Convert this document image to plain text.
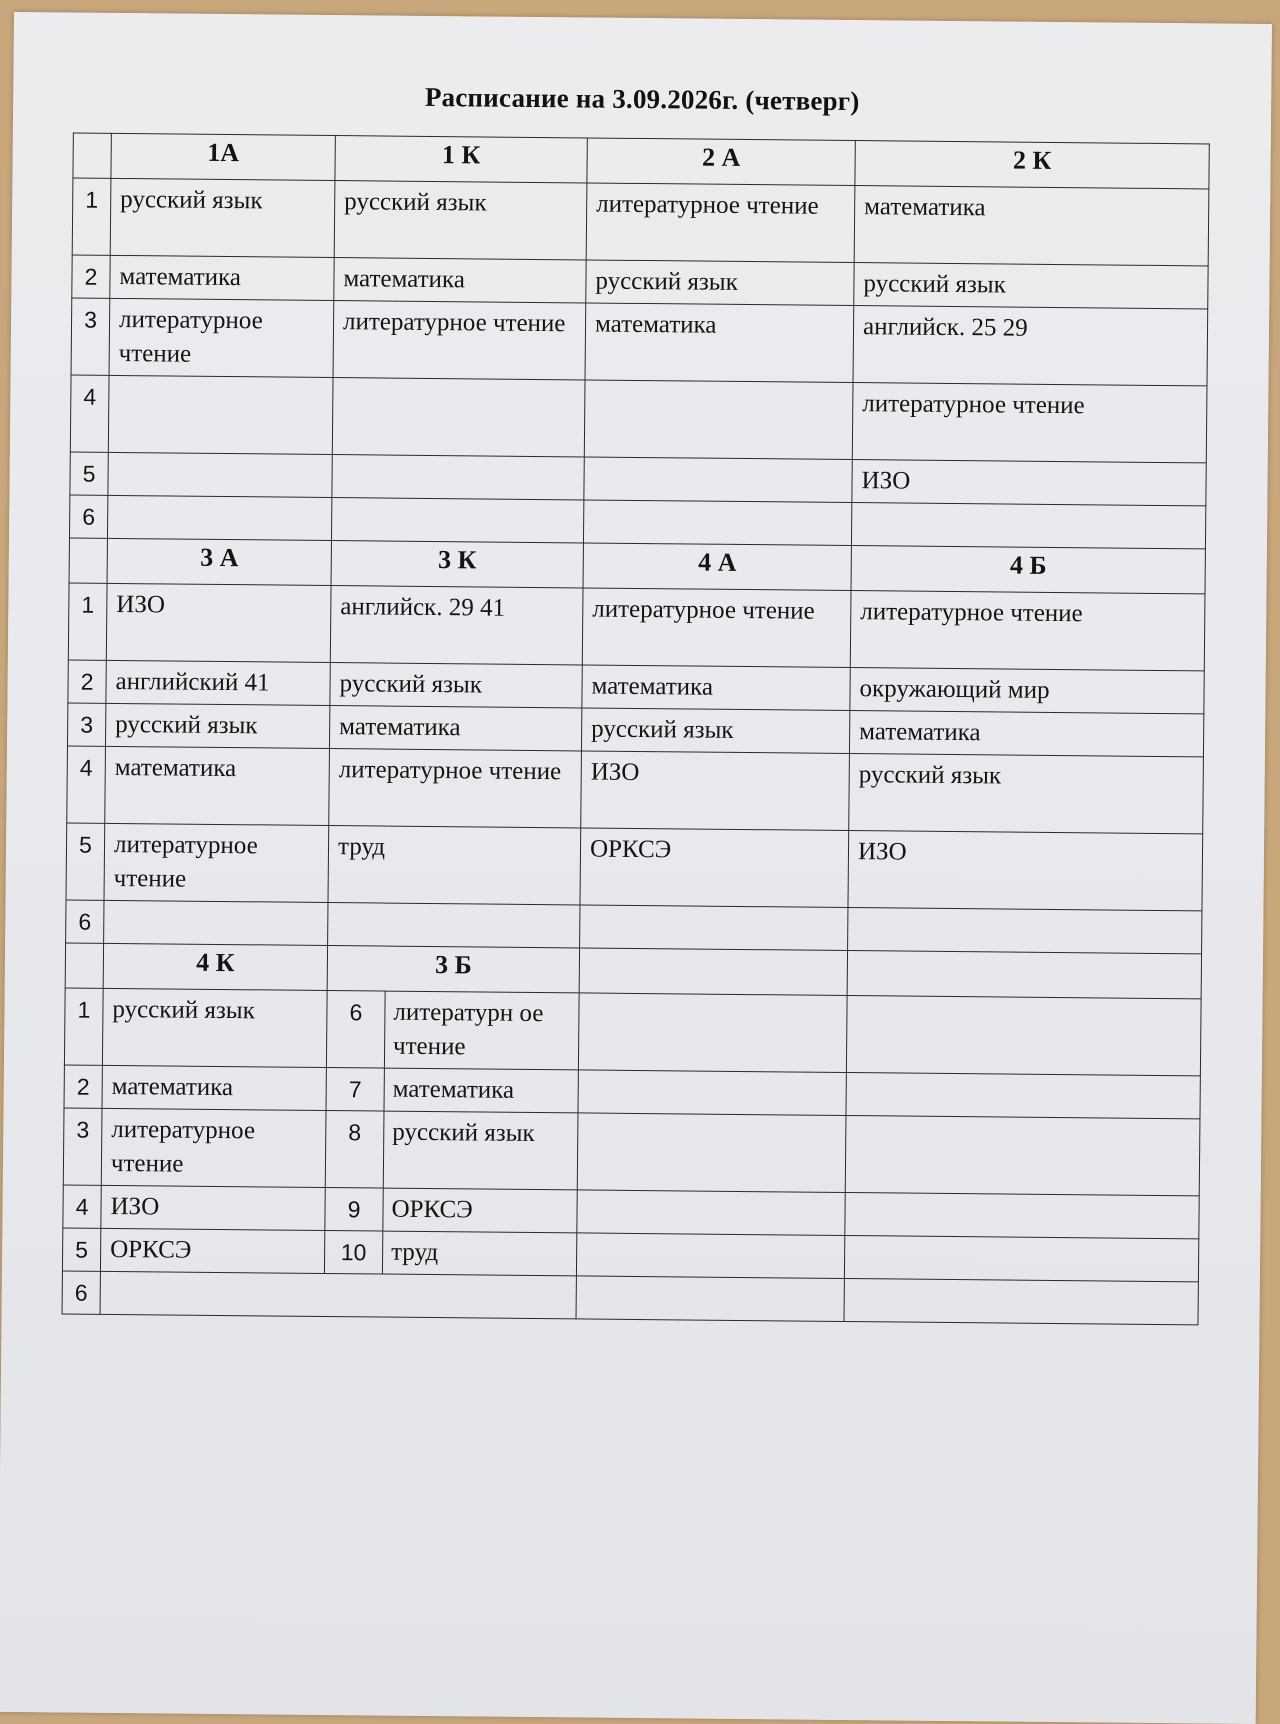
Расписание на 3.09.2026г. (четверг)
	1А	1 К		2 А	2 К
1	русский язык	русский язык		литературное чтение	математика
2	математика	математика		русский язык	русский язык
3	литературное чтение	литературное чтение		математика	английск. 25 29
4					литературное чтение
5					ИЗО
6					
	3 А	3 К		4 А	4 Б
1	ИЗО	английск. 29 41		литературное чтение	литературное чтение
2	английский 41	русский язык		математика	окружающий мир
3	русский язык	математика		русский язык	математика
4	математика	литературное чтение		ИЗО	русский язык
5	литературное чтение	труд		ОРКСЭ	ИЗО
6					
	4 К	3 Б			
1	русский язык	6	литературн ое чтение		
2	математика	7	математика		
3	литературное чтение	8	русский язык		
4	ИЗО	9	ОРКСЭ		
5	ОРКСЭ	10	труд		
6					
